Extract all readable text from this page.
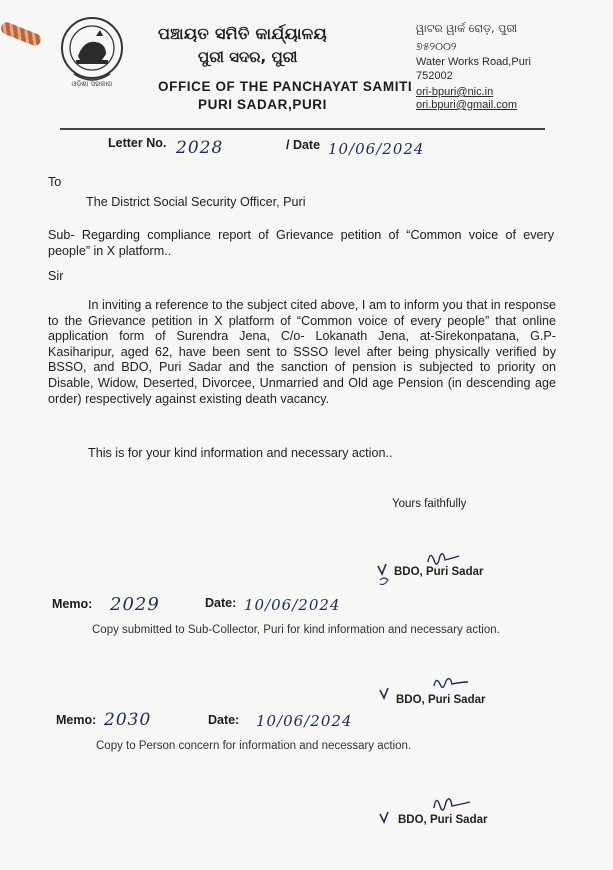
ଓଡ଼ିଶା ସରକାର
ପଞ୍ଚାୟତ ସମିତି କାର୍ଯ୍ୟାଳୟ
ପୁରୀ ସଦର, ପୁରୀ
OFFICE OF THE PANCHAYAT SAMITI
PURI SADAR,PURI
ୱାଟର ୱାର୍କ ରୋଡ଼, ପୁରୀ
୭୫୨୦୦୨
Water Works Road,Puri
752002
ori-bpuri@nic.in
ori.bpuri@gmail.com
Letter No. 2028	/ Date 10/06/2024
To
The District Social Security Officer, Puri
Sub- Regarding compliance report of Grievance petition of “Common voice of every people” in X platform..
Sir
In inviting a reference to the subject cited above, I am to inform you that in response to the Grievance petition in X platform of “Common voice of every people” that online application form of Surendra Jena, C/o- Lokanath Jena, at-Sirekonpatana, G.P- Kasiharipur, aged 62, have been sent to SSSO level after being physically verified by BSSO, and BDO, Puri Sadar and the sanction of pension is subjected to priority on Disable, Widow, Deserted, Divorcee, Unmarried and Old age Pension (in descending age order) respectively against existing death vacancy.
This is for your kind information and necessary action..
Yours faithfully
BDO, Puri Sadar
Memo: 2029	Date: 10/06/2024
Copy submitted to Sub-Collector, Puri for kind information and necessary action.
BDO, Puri Sadar
Memo: 2030	Date: 10/06/2024
Copy to Person concern for information and necessary action.
BDO, Puri Sadar
